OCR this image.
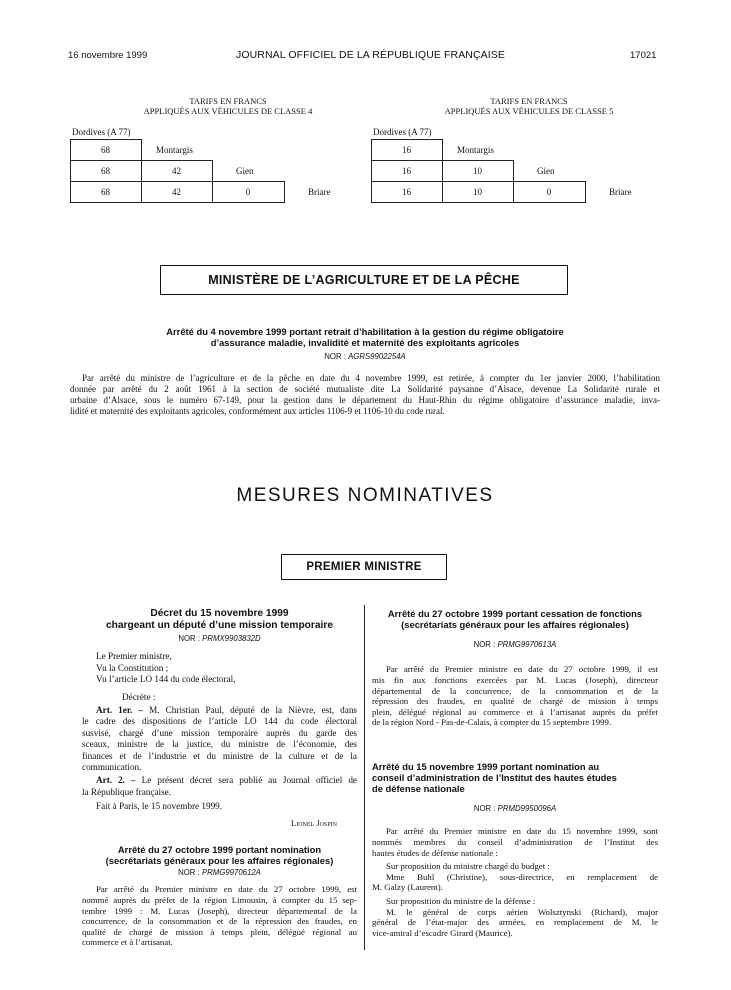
16 novembre 1999	JOURNAL OFFICIEL DE LA RÉPUBLIQUE FRANÇAISE	17021
TARIFS EN FRANCS
APPLIQUÉS AUX VÉHICULES DE CLASSE 4
Dordives (A 77)
68	Montargis
68	42	Gien
68	42	0	Briare
TARIFS EN FRANCS
APPLIQUÉS AUX VÉHICULES DE CLASSE 5
Dordives (A 77)
16	Montargis
16	10	Gien
16	10	0	Briare
MINISTÈRE DE L’AGRICULTURE ET DE LA PÊCHE
Arrêté du 4 novembre 1999 portant retrait d’habilitation à la gestion du régime obligatoire
d’assurance maladie, invalidité et maternité des exploitants agricoles
NOR : AGRS9902254A
Par arrêté du ministre de l’agriculture et de la pêche en date du 4 novembre 1999, est retirée, à compter du 1er janvier 2000, l’habilitation
donnée par arrêté du 2 août 1961 à la section de société mutualiste dite La Solidarité paysanne d’Alsace, devenue La Solidarité rurale et
urbaine d’Alsace, sous le numéro 67-149, pour la gestion dans le département du Haut-Rhin du régime obligatoire d’assurance maladie, inva-
lidité et maternité des exploitants agricoles, conformément aux articles 1106-9 et 1106-10 du code rural.
MESURES NOMINATIVES
PREMIER MINISTRE
Décret du 15 novembre 1999
chargeant un député d’une mission temporaire
NOR : PRMX9903832D
Le Premier ministre,
Vu la Constitution ;
Vu l’article LO 144 du code électoral,
Décrète :
Art. 1er. – M. Christian Paul, député de la Nièvre, est, dans
le cadre des dispositions de l’article LO 144 du code électoral
susvisé, chargé d’une mission temporaire auprès du garde des
sceaux, ministre de la justice, du ministre de l’économie, des
finances et de l’industrie et du ministre de la culture et de la
communication.
Art. 2. – Le présent décret sera publié au Journal officiel de
la République française.
Fait à Paris, le 15 novembre 1999.
Lionel Jospin
Arrêté du 27 octobre 1999 portant nomination
(secrétariats généraux pour les affaires régionales)
NOR : PRMG9970612A
Par arrêté du Premier ministre en date du 27 octobre 1999, est
nommé auprès du préfet de la région Limousin, à compter du 15 sep-
tembre 1999 : M. Lucas (Joseph), directeur départemental de la
concurrence, de la consommation et de la répression des fraudes, en
qualité de chargé de mission à temps plein, délégué régional au
commerce et à l’artisanat.
Arrêté du 27 octobre 1999 portant cessation de fonctions
(secrétariats généraux pour les affaires régionales)
NOR : PRMG9970613A
Par arrêté du Premier ministre en date du 27 octobre 1999, il est
mis fin aux fonctions exercées par M. Lucas (Joseph), directeur
départemental de la concurrence, de la consommation et de la
répression des fraudes, en qualité de chargé de mission à temps
plein, délégué régional au commerce et à l’artisanat auprès du préfet
de la région Nord - Pas-de-Calais, à compter du 15 septembre 1999.
Arrêté du 15 novembre 1999 portant nomination au
conseil d’administration de l’Institut des hautes études
de défense nationale
NOR : PRMD9950096A
Par arrêté du Premier ministre en date du 15 novembre 1999, sont
nommés membres du conseil d’administration de l’Institut des
hautes études de défense nationale :
Sur proposition du ministre chargé du budget :
Mme Buhl (Christine), sous-directrice, en remplacement de
M. Galzy (Laurent).
Sur proposition du ministre de la défense :
M. le général de corps aérien Wolsztynski (Richard), major
général de l’état-major des armées, en remplacement de M. le
vice-amiral d’escadre Girard (Maurice).
